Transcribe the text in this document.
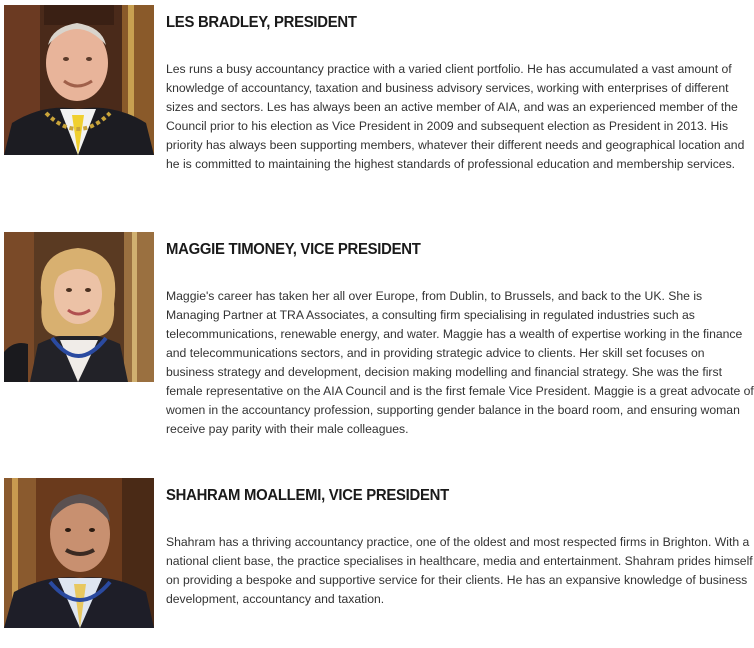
LES BRADLEY, PRESIDENT

Les runs a busy accountancy practice with a varied client portfolio. He has accumulated a vast amount of knowledge of accountancy, taxation and business advisory services, working with enterprises of different sizes and sectors. Les has always been an active member of AIA, and was an experienced member of the Council prior to his election as Vice President in 2009 and subsequent election as President in 2013. His priority has always been supporting members, whatever their different needs and geographical location and he is committed to maintaining the highest standards of professional education and membership services.

MAGGIE TIMONEY, VICE PRESIDENT

Maggie's career has taken her all over Europe, from Dublin, to Brussels, and back to the UK. She is Managing Partner at TRA Associates, a consulting firm specialising in regulated industries such as telecommunications, renewable energy, and water. Maggie has a wealth of expertise working in the finance and telecommunications sectors, and in providing strategic advice to clients. Her skill set focuses on business strategy and development, decision making modelling and financial strategy. She was the first female representative on the AIA Council and is the first female Vice President. Maggie is a great advocate of women in the accountancy profession, supporting gender balance in the board room, and ensuring woman receive pay parity with their male colleagues.

SHAHRAM MOALLEMI, VICE PRESIDENT

Shahram has a thriving accountancy practice, one of the oldest and most respected firms in Brighton. With a national client base, the practice specialises in healthcare, media and entertainment. Shahram prides himself on providing a bespoke and supportive service for their clients. He has an expansive knowledge of business development, accountancy and taxation.
